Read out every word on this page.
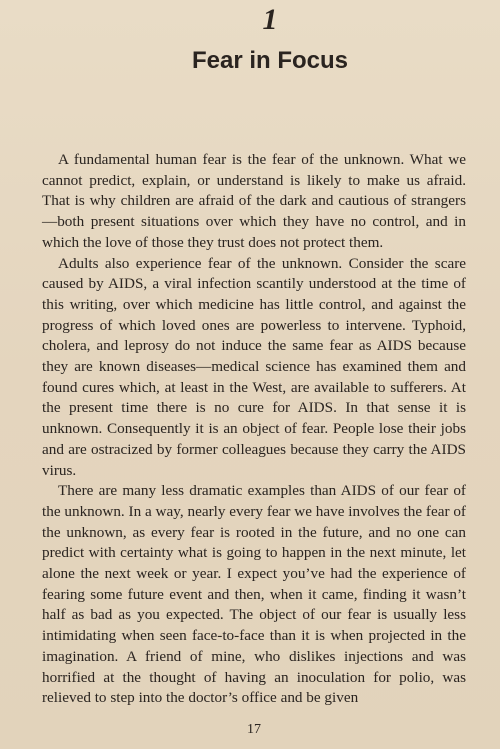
1
Fear in Focus

A fundamental human fear is the fear of the unknown. What we cannot predict, explain, or understand is likely to make us afraid. That is why children are afraid of the dark and cautious of strangers—both present situations over which they have no control, and in which the love of those they trust does not protect them.

Adults also experience fear of the unknown. Consider the scare caused by AIDS, a viral infection scantily understood at the time of this writing, over which medicine has little control, and against the progress of which loved ones are powerless to intervene. Typhoid, cholera, and leprosy do not induce the same fear as AIDS because they are known diseases—medical science has examined them and found cures which, at least in the West, are available to sufferers. At the present time there is no cure for AIDS. In that sense it is unknown. Consequently it is an object of fear. People lose their jobs and are ostracized by former colleagues because they carry the AIDS virus.

There are many less dramatic examples than AIDS of our fear of the unknown. In a way, nearly every fear we have involves the fear of the unknown, as every fear is rooted in the future, and no one can predict with certainty what is going to happen in the next minute, let alone the next week or year. I expect you’ve had the experience of fearing some future event and then, when it came, finding it wasn’t half as bad as you expected. The object of our fear is usually less intimidating when seen face-to-face than it is when projected in the imagination. A friend of mine, who dislikes injections and was horrified at the thought of having an inoculation for polio, was relieved to step into the doctor’s office and be given

17
